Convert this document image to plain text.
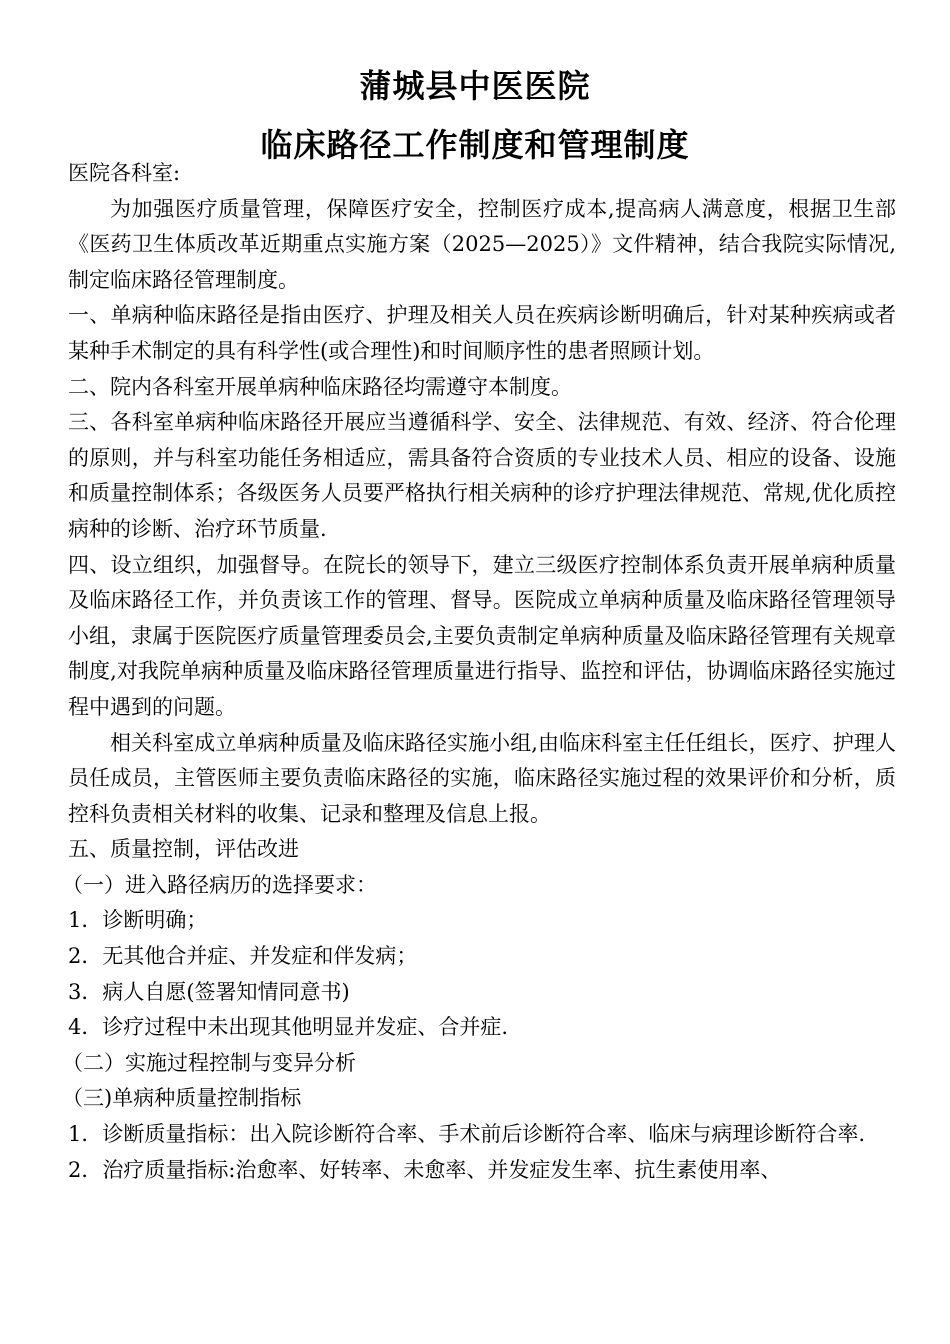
蒲城县中医医院
临床路径工作制度和管理制度

医院各科室:

为加强医疗质量管理，保障医疗安全，控制医疗成本,提高病人满意度，根据卫生部《医药卫生体质改革近期重点实施方案（2025—2025）》文件精神，结合我院实际情况,制定临床路径管理制度。

一、单病种临床路径是指由医疗、护理及相关人员在疾病诊断明确后，针对某种疾病或者某种手术制定的具有科学性(或合理性)和时间顺序性的患者照顾计划。

二、院内各科室开展单病种临床路径均需遵守本制度。

三、各科室单病种临床路径开展应当遵循科学、安全、法律规范、有效、经济、符合伦理的原则，并与科室功能任务相适应，需具备符合资质的专业技术人员、相应的设备、设施和质量控制体系；各级医务人员要严格执行相关病种的诊疗护理法律规范、常规,优化质控病种的诊断、治疗环节质量.

四、设立组织，加强督导。在院长的领导下，建立三级医疗控制体系负责开展单病种质量及临床路径工作，并负责该工作的管理、督导。医院成立单病种质量及临床路径管理领导小组，隶属于医院医疗质量管理委员会,主要负责制定单病种质量及临床路径管理有关规章制度,对我院单病种质量及临床路径管理质量进行指导、监控和评估，协调临床路径实施过程中遇到的问题。

相关科室成立单病种质量及临床路径实施小组,由临床科室主任任组长，医疗、护理人员任成员，主管医师主要负责临床路径的实施，临床路径实施过程的效果评价和分析，质控科负责相关材料的收集、记录和整理及信息上报。

五、质量控制，评估改进

（一）进入路径病历的选择要求：

1．诊断明确；

2．无其他合并症、并发症和伴发病；

3．病人自愿(签署知情同意书)

4．诊疗过程中未出现其他明显并发症、合并症.

（二）实施过程控制与变异分析

（三)单病种质量控制指标

1．诊断质量指标：出入院诊断符合率、手术前后诊断符合率、临床与病理诊断符合率.

2．治疗质量指标:治愈率、好转率、未愈率、并发症发生率、抗生素使用率、
